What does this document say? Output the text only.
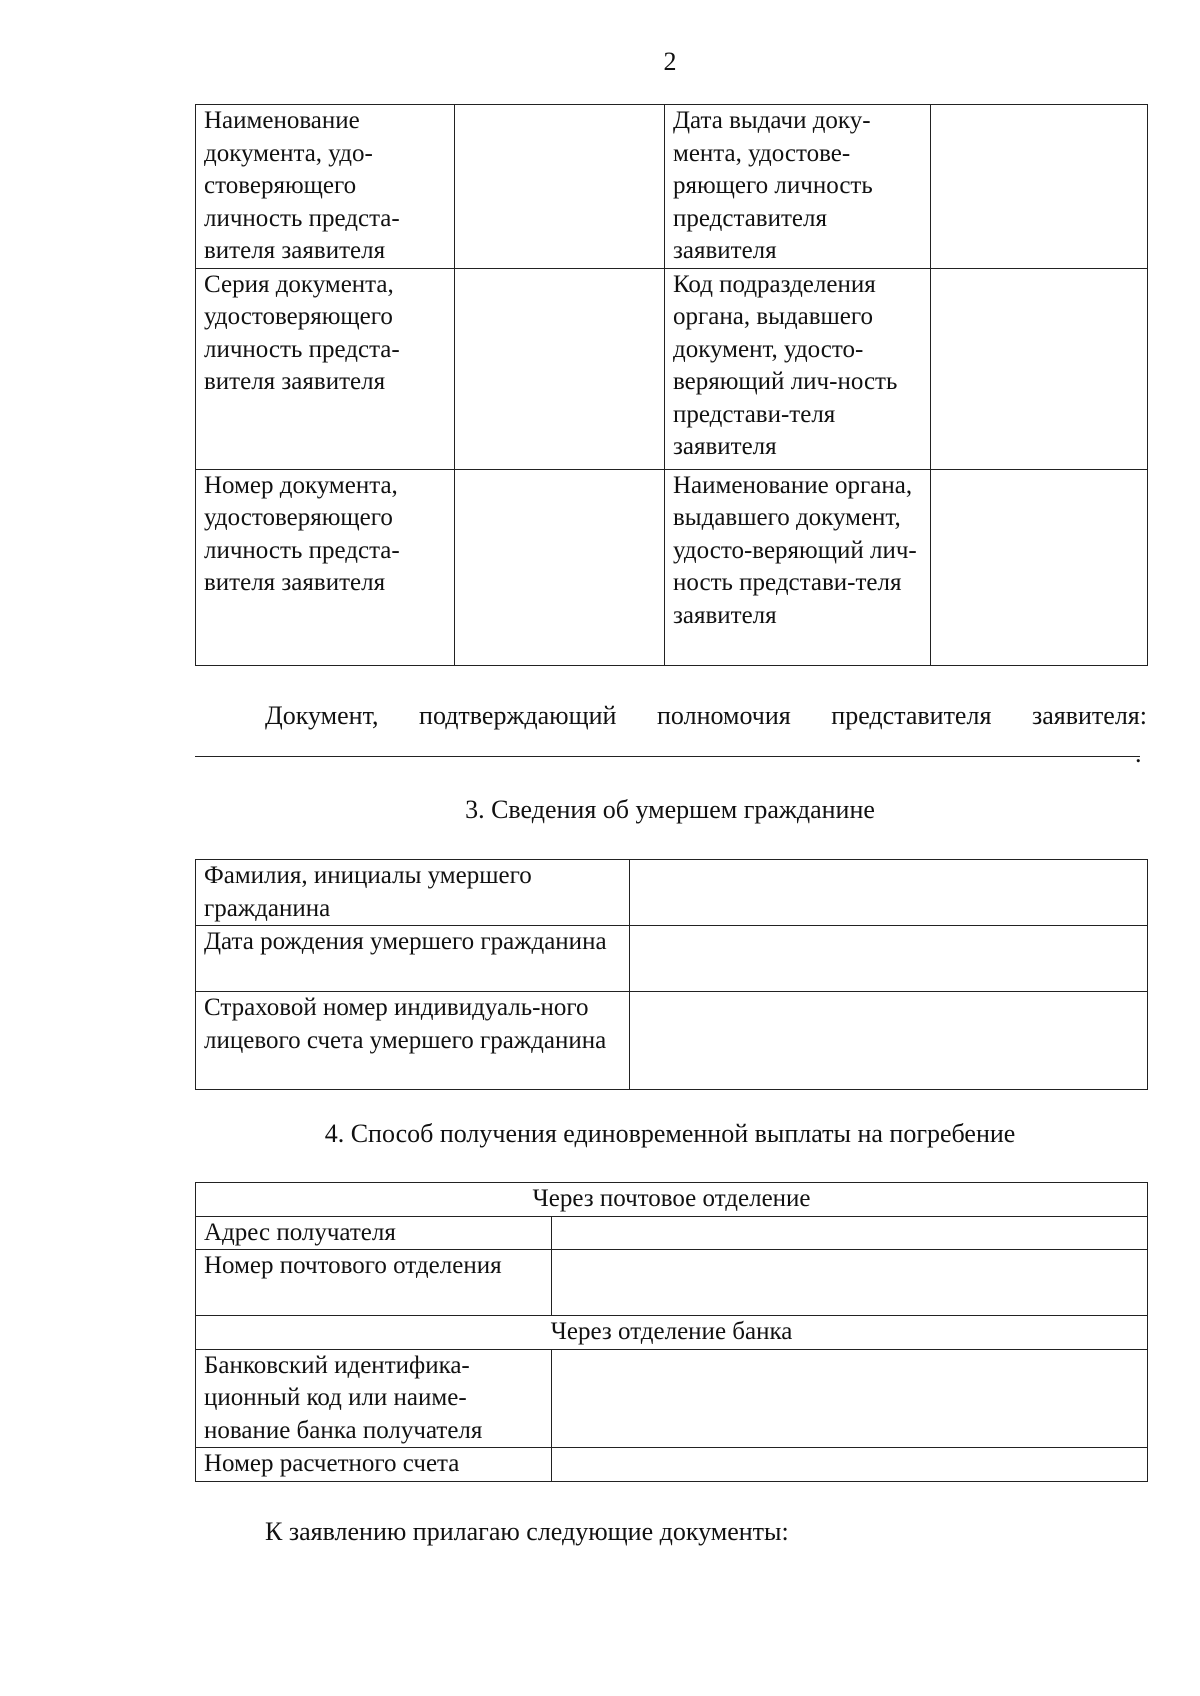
2
Наименование документа, удо-стоверяющего личность предста-вителя заявителя		Дата выдачи доку-мента, удостове-ряющего личность представителя заявителя	
Серия документа, удостоверяющего личность предста-вителя заявителя		Код подразделения органа, выдавшего документ, удосто-веряющий лич-ность представи-теля заявителя	
Номер документа, удостоверяющего личность предста-вителя заявителя		Наименование органа, выдавшего документ, удосто-веряющий лич-ность представи-теля заявителя	
Документ, подтверждающий полномочия представителя заявителя:
.
3. Сведения об умершем гражданине
Фамилия, инициалы умершего гражданина	
Дата рождения умершего гражданина	
Страховой номер индивидуаль-ного лицевого счета умершего гражданина	
4. Способ получения единовременной выплаты на погребение
Через почтовое отделение	
Адрес получателя	
Номер почтового отделения	
Через отделение банка	
Банковский идентифика-ционный код или наиме-нование банка получателя	
Номер расчетного счета	
К заявлению прилагаю следующие документы:
